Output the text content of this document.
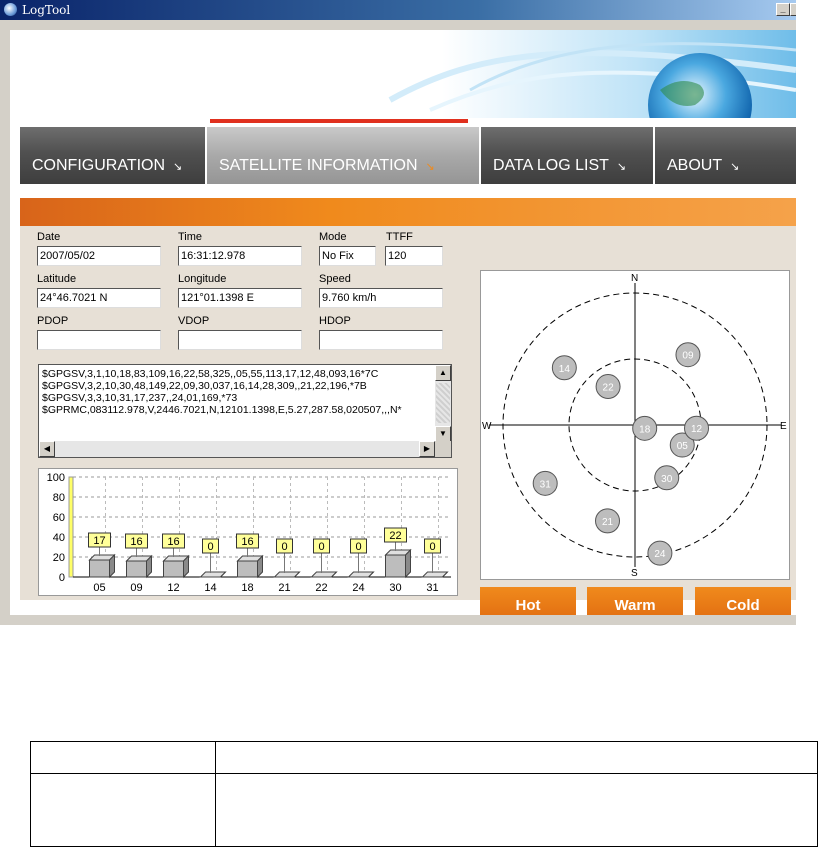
LogTool	_
CONFIGURATION ↘	SATELLITE INFORMATION ↘	DATA LOG LIST ↘	ABOUT ↘
Date
2007/05/02
Time
16:31:12.978
Mode
No Fix
TTFF
120
Latitude
24°46.7021 N
Longitude
121°01.1398 E
Speed
9.760 km/h
PDOP	VDOP	HDOP
$GPGSV,3,1,10,18,83,109,16,22,58,325,,05,55,113,17,12,48,093,16*7C
$GPGSV,3,2,10,30,48,149,22,09,30,037,16,14,28,309,,21,22,196,*7B
$GPGSV,3,3,10,31,17,237,,24,01,169,*73
$GPRMC,083112.978,V,2446.7021,N,12101.1398,E,5.27,287.58,020507,,,N*
▲
▼
◀	▶
0
20
40
60
80
100
17
05
16
09
16
12
0
14
16
18
0
21
0
22
0
24
22
30
0
31
N
S
W	E
18
22
05
12
30
09
14
21
31
24
Hot	Warm	Cold
